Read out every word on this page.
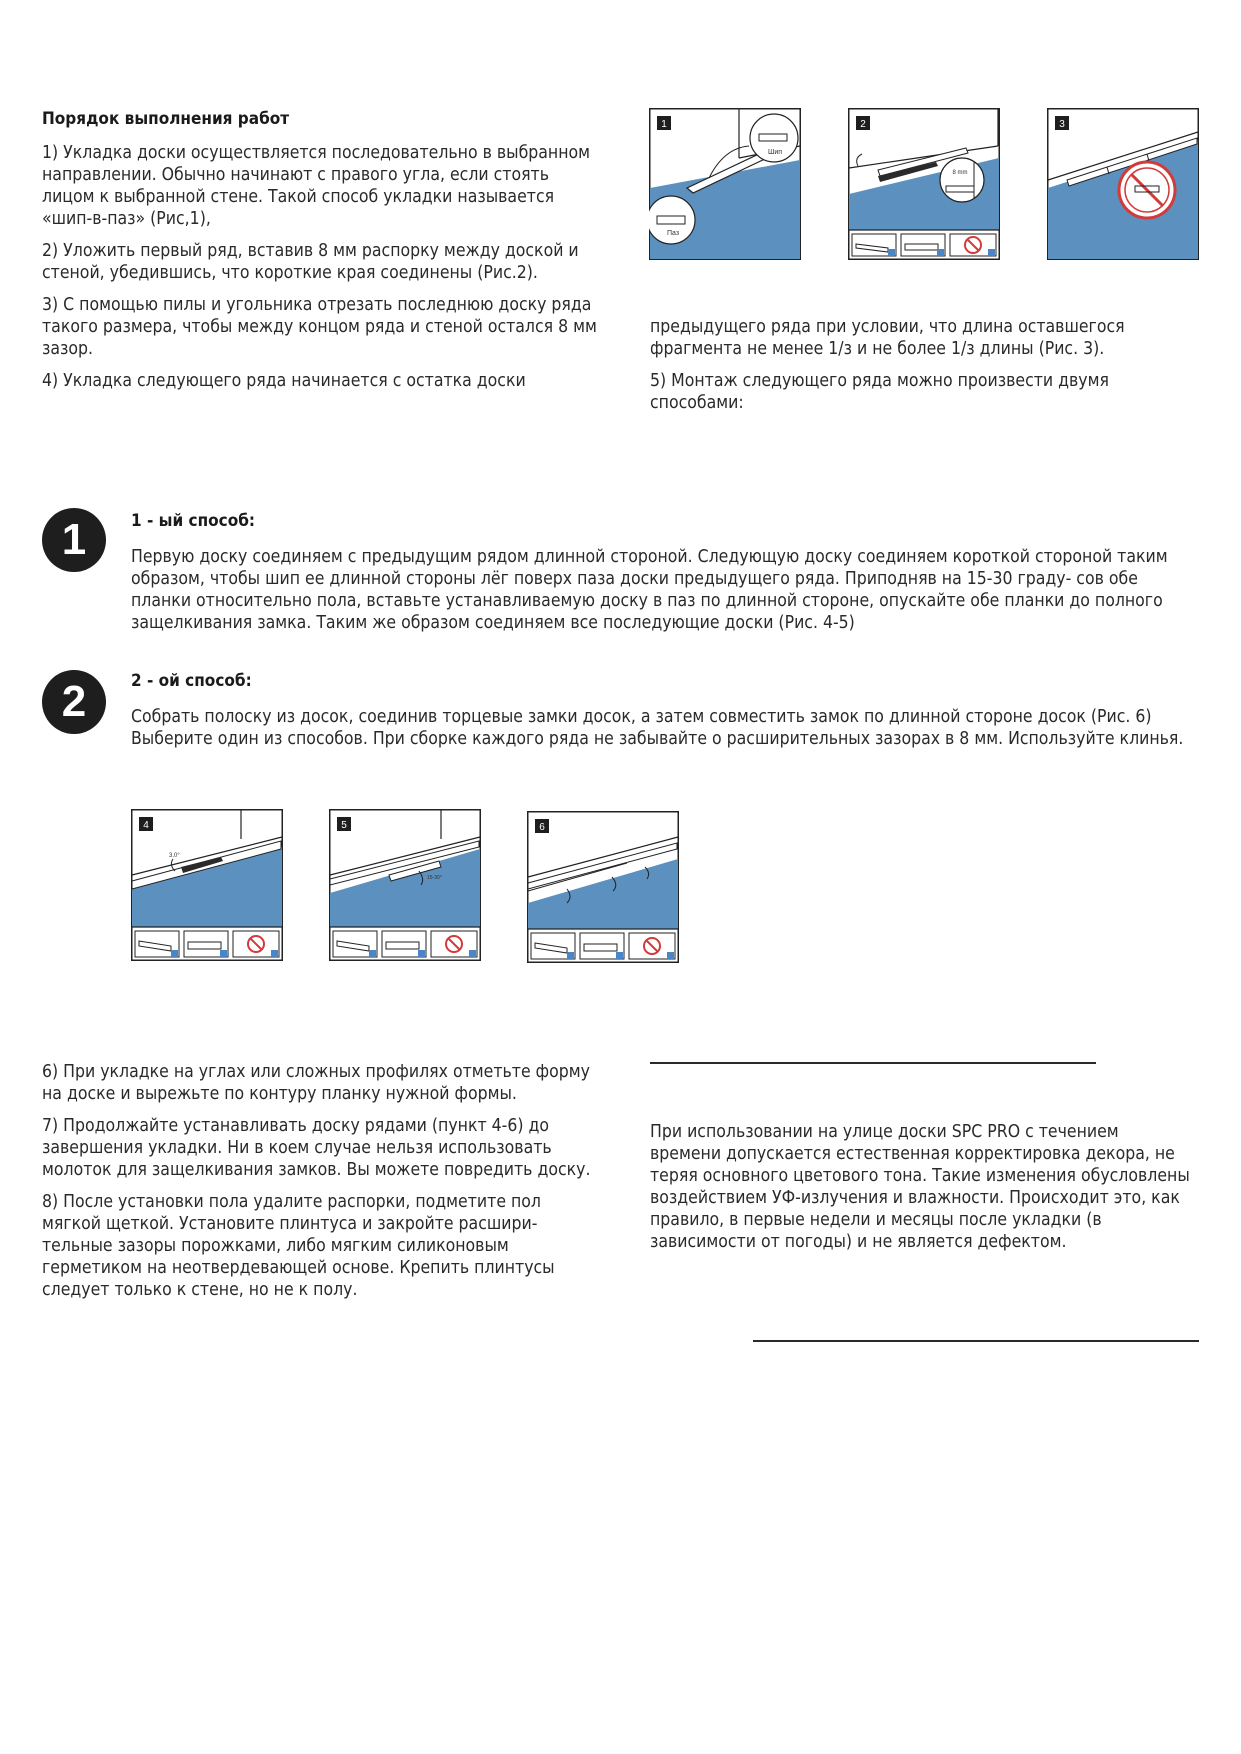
Порядок выполнения работ

1) Укладка доски осуществляется последовательно в выбранном направлении. Обычно начинают с правого угла, если стоять лицом к выбранной стене. Такой способ укладки называется «шип-в-паз» (Рис,1),

2) Уложить первый ряд, вставив 8 мм распорку между доской и стеной, убедившись, что короткие края соединены (Рис.2).

3) С помощью пилы и угольника отрезать последнюю доску ряда такого размера, чтобы между концом ряда и стеной остался 8 мм зазор.

4) Укладка следующего ряда начинается с остатка доски

предыдущего ряда при условии, что длина оставшегося фрагмента не менее 1/з и не более 1/з длины (Рис. 3).

5) Монтаж следующего ряда можно произвести двумя способами:

1
Шип
Паз
8 mm
2	3
1	1 - ый способ:
Первую доску соединяем с предыдущим рядом длинной стороной. Следующую доску соединяем короткой стороной таким образом, чтобы шип ее длинной стороны лёг поверх паза доски предыдущего ряда. Приподняв на 15-30 граду- сов обе планки относительно пола, вставьте устанавливаемую доску в паз по длинной стороне, опускайте обе планки до полного защелкивания замка. Таким же образом соединяем все последующие доски (Рис. 4-5)
2	2 - ой способ:
Собрать полоску из досок, соединив торцевые замки досок, а затем совместить замок по длинной стороне досок (Рис. 6) Выберите один из способов. При сборке каждого ряда не забывайте о расширительных зазорах в 8 мм. Используйте клинья.
3.0°
4
15-30°
5	6

6) При укладке на углах или сложных профилях отметьте форму на доске и вырежьте по контуру планку нужной формы.

7) Продолжайте устанавливать доску рядами (пункт 4-6) до завершения укладки. Ни в коем случае нельзя использовать молоток для защелкивания замков. Вы можете повредить доску.

8) После установки пола удалите распорки, подметите пол мягкой щеткой. Установите плинтуса и закройте расшири- тельные зазоры порожками, либо мягким силиконовым герметиком на неотвердевающей основе. Крепить плинтусы следует только к стене, но не к полу.

При использовании на улице доски SPC PRO с течением времени допускается естественная корректировка декора, не теряя основного цветового тона. Такие изменения обусловлены воздействием УФ-излучения и влажности. Происходит это, как правило, в первые недели и месяцы после укладки (в зависимости от погоды) и не является дефектом.
